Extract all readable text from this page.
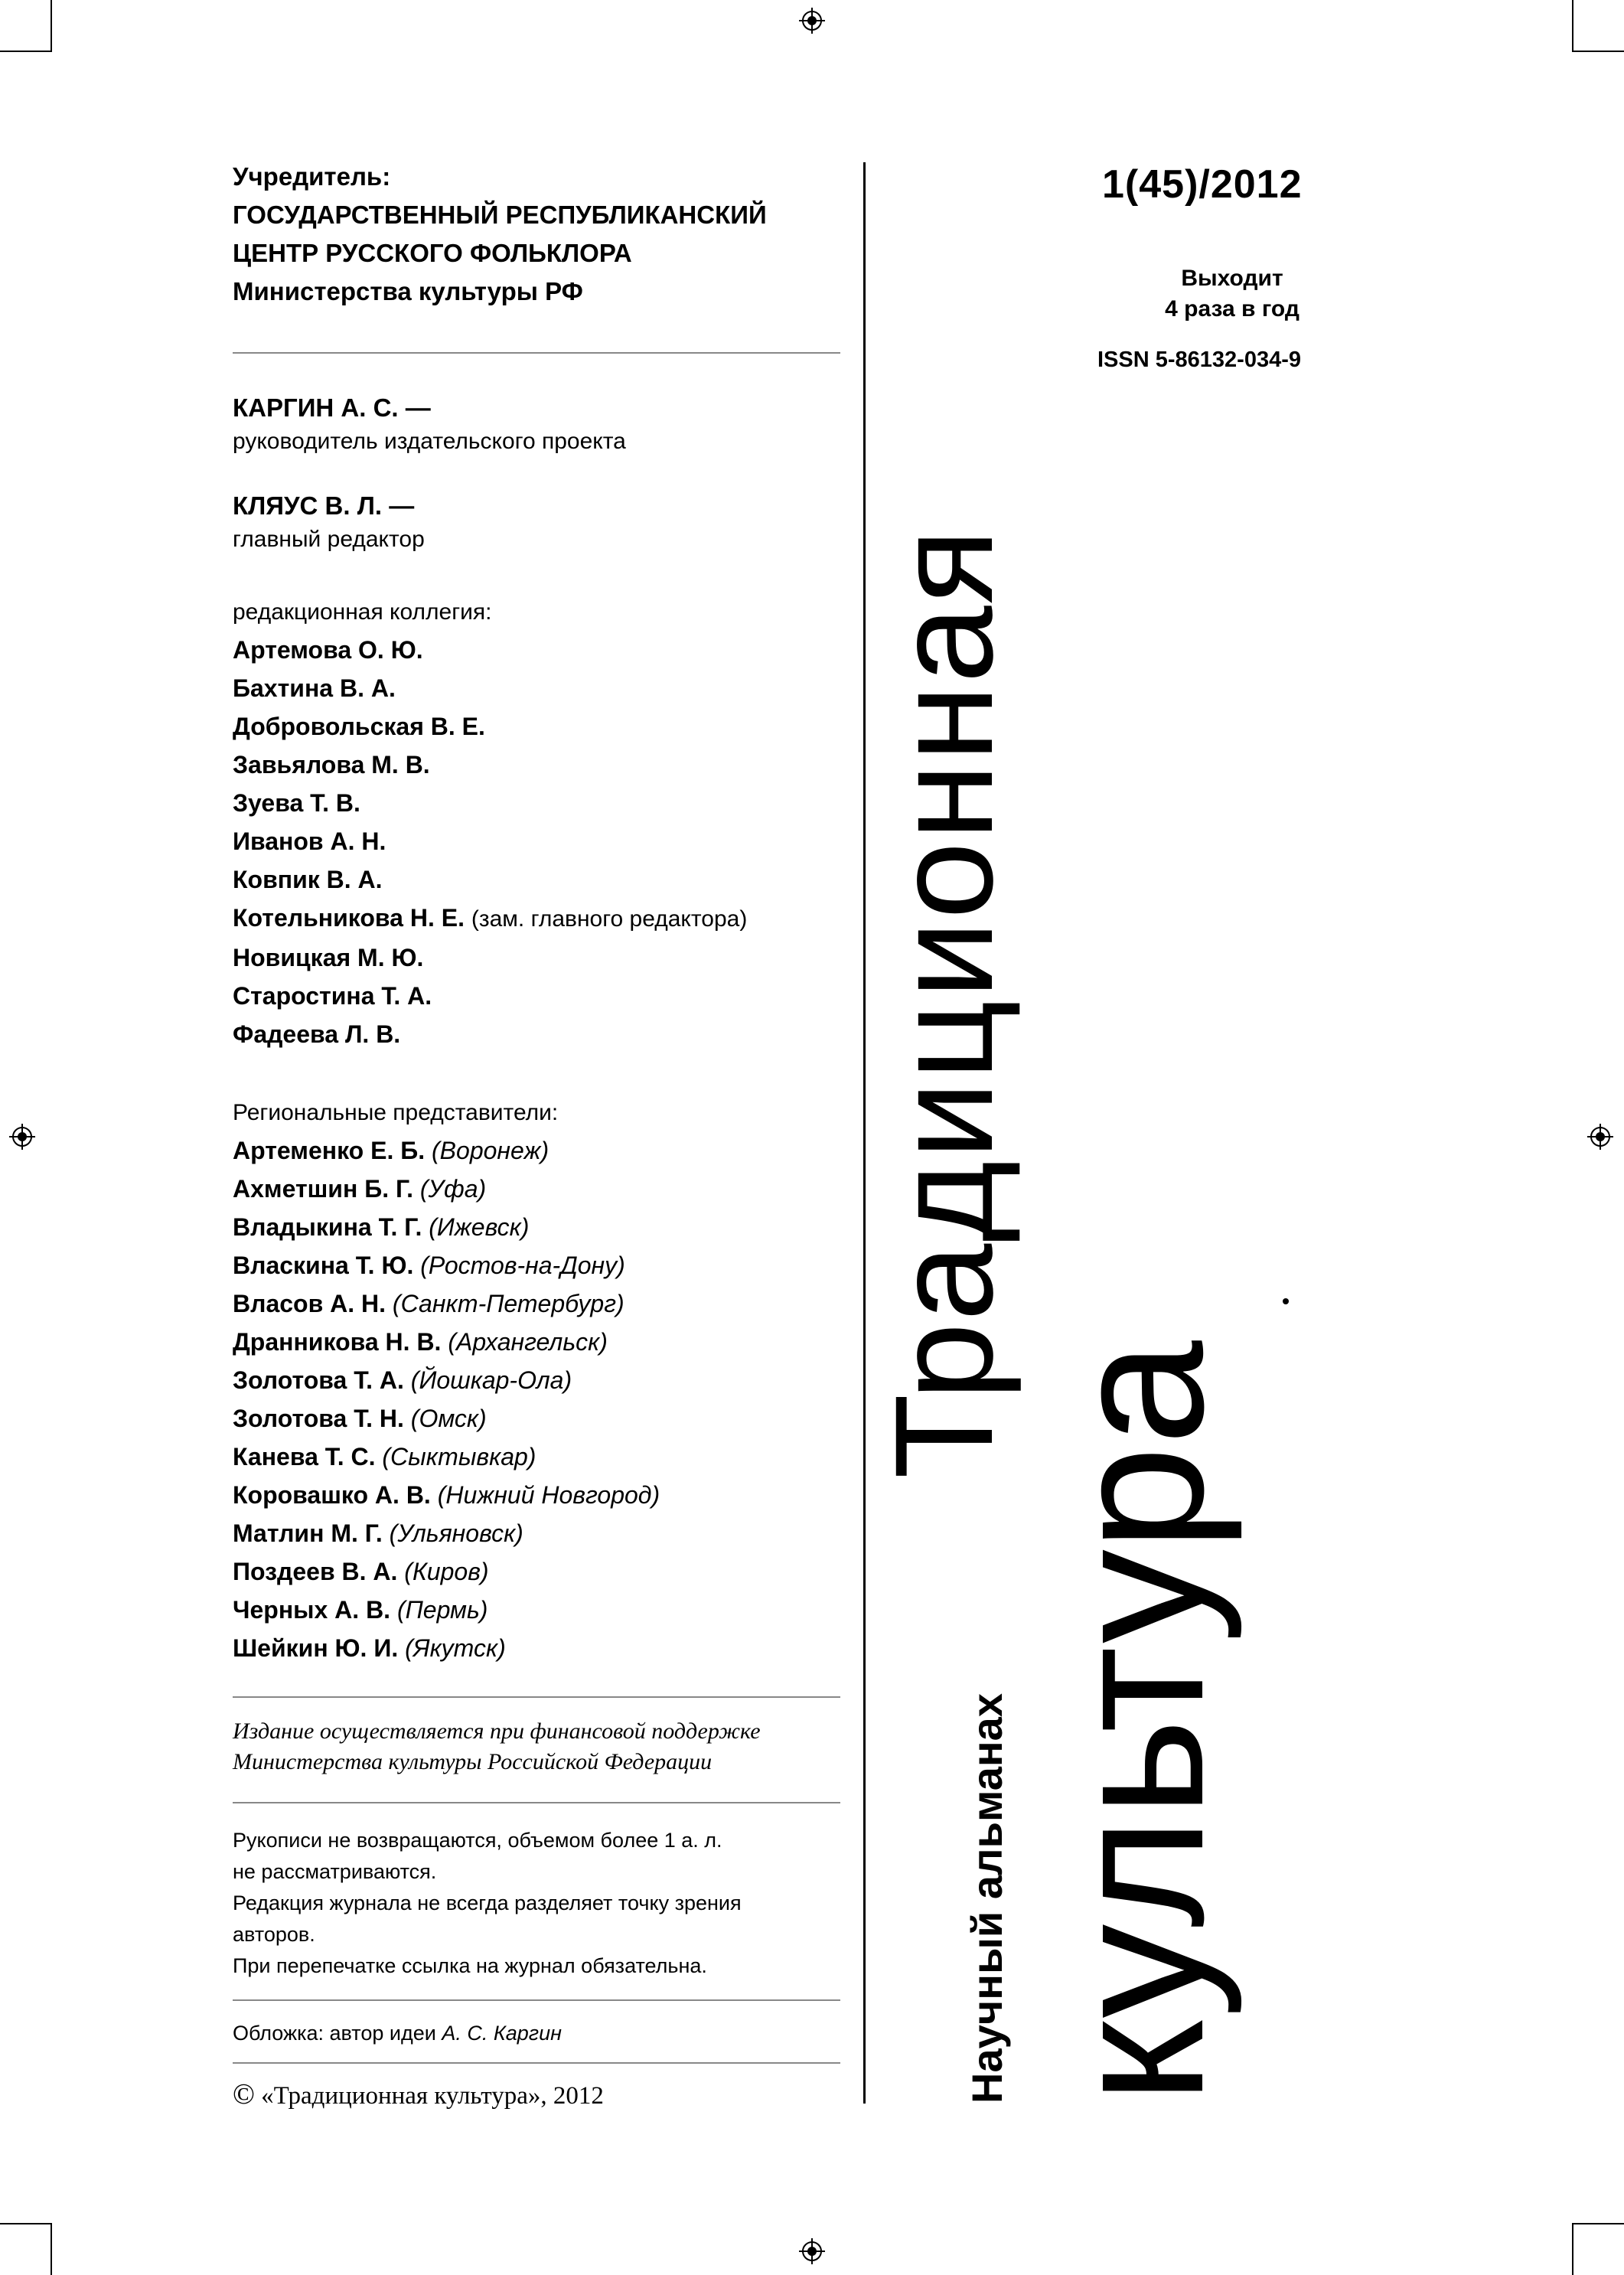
Учредитель:
ГОСУДАРСТВЕННЫЙ РЕСПУБЛИКАНСКИЙ
ЦЕНТР РУССКОГО ФОЛЬКЛОРА
Министерства культуры РФ
КАРГИН А. С. —
руководитель издательского проекта
КЛЯУС В. Л. —
главный редактор
редакционная коллегия:
Артемова О. Ю.
Бахтина В. А.
Добровольская В. Е.
Завьялова М. В.
Зуева Т. В.
Иванов А. Н.
Ковпик В. А.
Котельникова Н. Е. (зам. главного редактора)
Новицкая М. Ю.
Старостина Т. А.
Фадеева Л. В.
Региональные представители:
Артеменко Е. Б. (Воронеж)
Ахметшин Б. Г. (Уфа)
Владыкина Т. Г. (Ижевск)
Власкина Т. Ю. (Ростов-на-Дону)
Власов А. Н. (Санкт-Петербург)
Дранникова Н. В. (Архангельск)
Золотова Т. А. (Йошкар-Ола)
Золотова Т. Н. (Омск)
Канева Т. С. (Сыктывкар)
Коровашко А. В. (Нижний Новгород)
Матлин М. Г. (Ульяновск)
Поздеев В. А. (Киров)
Черных А. В. (Пермь)
Шейкин Ю. И. (Якутск)
Издание осуществляется при финансовой поддержке
Министерства культуры Российской Федерации
Рукописи не возвращаются, объемом более 1 а. л.
не рассматриваются.
Редакция журнала не всегда разделяет точку зрения
авторов.
При перепечатке ссылка на журнал обязательна.
Обложка: автор идеи А. С. Каргин
© «Традиционная культура», 2012
1(45)/2012
Выходит
4 раза в год
ISSN 5-86132-034-9
Научный альманах
Традиционная
культура
